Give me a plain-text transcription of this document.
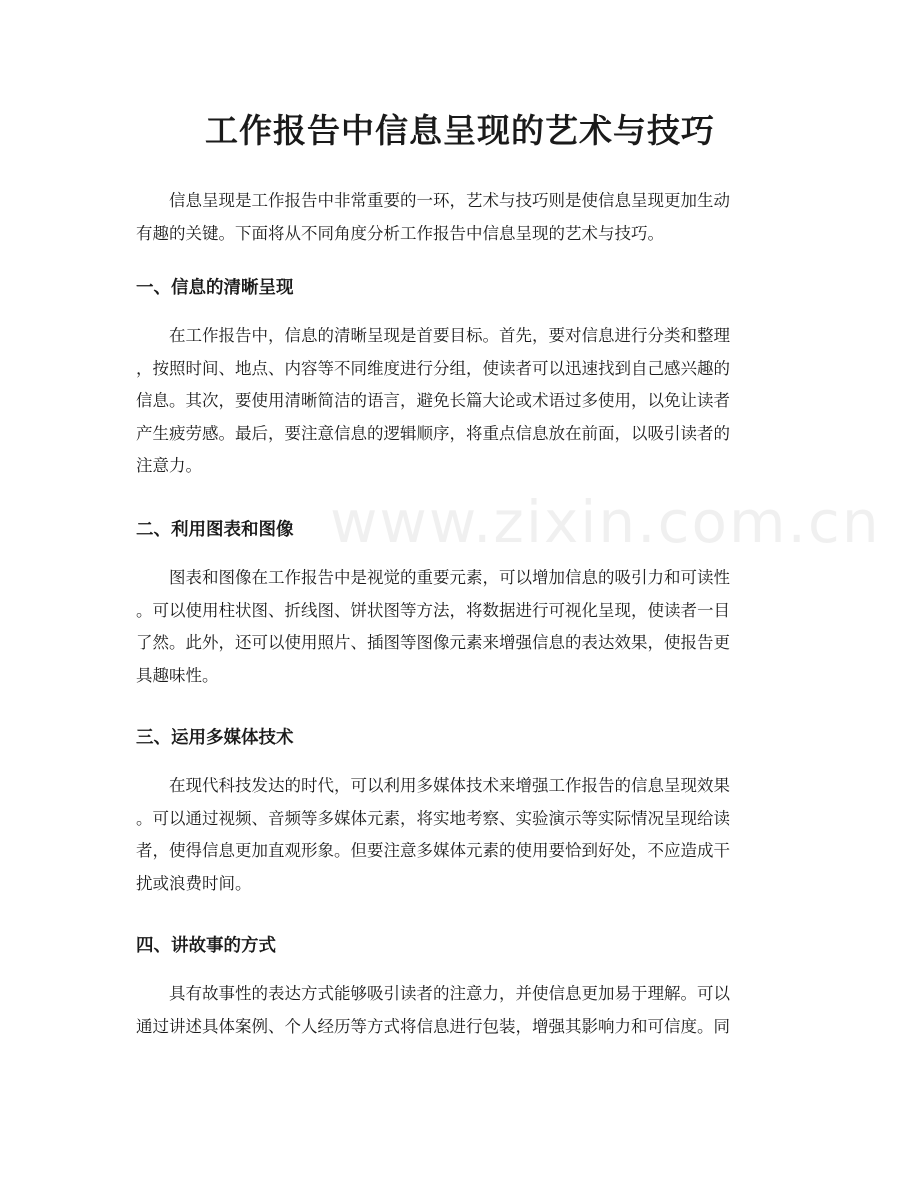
www.zixin.com.cn
工作报告中信息呈现的艺术与技巧

信息呈现是工作报告中非常重要的一环，艺术与技巧则是使信息呈现更加生动
有趣的关键。下面将从不同角度分析工作报告中信息呈现的艺术与技巧。

一、信息的清晰呈现

在工作报告中，信息的清晰呈现是首要目标。首先，要对信息进行分类和整理
，按照时间、地点、内容等不同维度进行分组，使读者可以迅速找到自己感兴趣的
信息。其次，要使用清晰简洁的语言，避免长篇大论或术语过多使用，以免让读者
产生疲劳感。最后，要注意信息的逻辑顺序，将重点信息放在前面，以吸引读者的
注意力。

二、利用图表和图像

图表和图像在工作报告中是视觉的重要元素，可以增加信息的吸引力和可读性
。可以使用柱状图、折线图、饼状图等方法，将数据进行可视化呈现，使读者一目
了然。此外，还可以使用照片、插图等图像元素来增强信息的表达效果，使报告更
具趣味性。

三、运用多媒体技术

在现代科技发达的时代，可以利用多媒体技术来增强工作报告的信息呈现效果
。可以通过视频、音频等多媒体元素，将实地考察、实验演示等实际情况呈现给读
者，使得信息更加直观形象。但要注意多媒体元素的使用要恰到好处，不应造成干
扰或浪费时间。

四、讲故事的方式

具有故事性的表达方式能够吸引读者的注意力，并使信息更加易于理解。可以
通过讲述具体案例、个人经历等方式将信息进行包装，增强其影响力和可信度。同
